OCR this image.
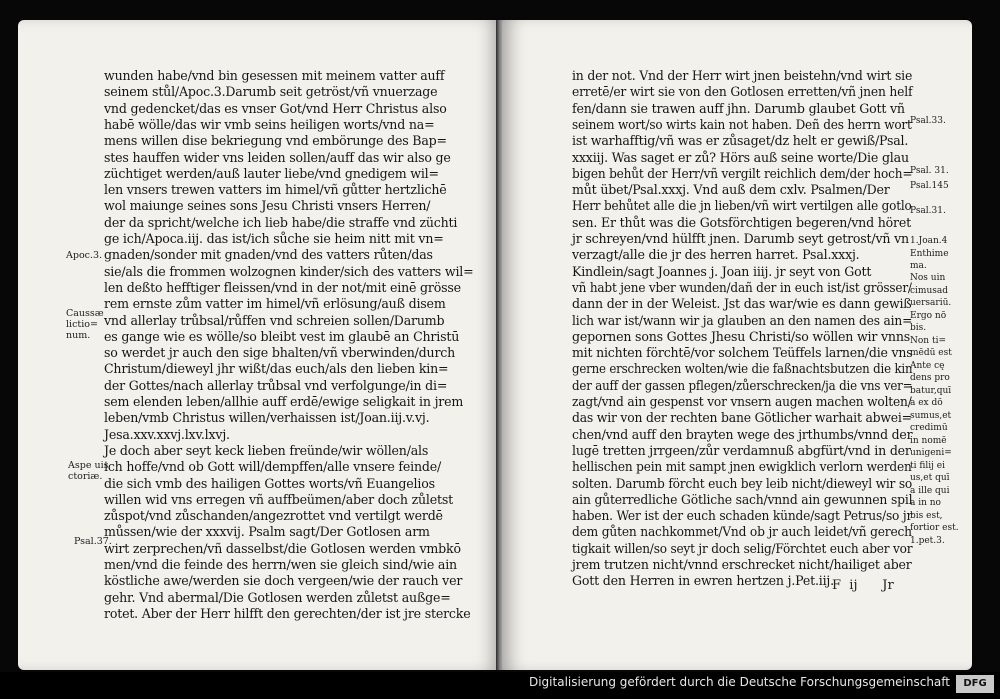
wunden habe/vnd bin gesessen mit meinem vatter auff
seinem stůl/Apoc.3.Darumb seit getröst/vñ vnuerzage
vnd gedencket/das es vnser Got/vnd Herr Christus also
habē wölle/das wir vmb seins heiligen worts/vnd na=
mens willen dise bekriegung vnd embörunge des Bap=
stes hauffen wider vns leiden sollen/auff das wir also ge
züchtiget werden/auß lauter liebe/vnd gnedigem wil=
len vnsers trewen vatters im himel/vñ gůtter hertzlichē
wol maiunge seines sons Jesu Christi vnsers Herren/
der da spricht/welche ich lieb habe/die straffe vnd züchti
ge ich/Apoca.iij. das ist/ich sůche sie heim nitt mit vn=
gnaden/sonder mit gnaden/vnd des vatters růten/das
sie/als die frommen wolzognen kinder/sich des vatters wil=
len deßto hefftiger fleissen/vnd in der not/mit einē grösse
rem ernste zům vatter im himel/vñ erlösung/auß disem
vnd allerlay trůbsal/růffen vnd schreien sollen/Darumb
es gange wie es wölle/so bleibt vest im glaubē an Christū
so werdet jr auch den sige bhalten/vñ vberwinden/durch
Christum/dieweyl jhr wißt/das euch/als den lieben kin=
der Gottes/nach allerlay trůbsal vnd verfolgunge/in di=
sem elenden leben/allhie auff erdē/ewige seligkait in jrem
leben/vmb Christus willen/verhaissen ist/Joan.iij.v.vj.
Jesa.xxv.xxvj.lxv.lxvj.
Je doch aber seyt keck lieben freünde/wir wöllen/als
ich hoffe/vnd ob Gott will/dempffen/alle vnsere feinde/
die sich vmb des hailigen Gottes worts/vñ Euangelios
willen wid vns erregen vñ auffbeümen/aber doch zůletst
zůspot/vnd zůschanden/angezrottet vnd vertilgt werdē
můssen/wie der xxxvij. Psalm sagt/Der Gotlosen arm
wirt zerprechen/vñ dasselbst/die Gotlosen werden vmbkō
men/vnd die feinde des herrn/wen sie gleich sind/wie ain
köstliche awe/werden sie doch vergeen/wie der rauch ver
gehr. Vnd abermal/Die Gotlosen werden zůletst außge=
rotet. Aber der Herr hilfft den gerechten/der ist jre stercke
Apoc.3.
Caussæ
lictio=
num.
Aspe uis
ctoriæ.
Psal.37.
in der not. Vnd der Herr wirt jnen beistehn/vnd wirt sie
erretē/er wirt sie von den Gotlosen erretten/vñ jnen helf
fen/dann sie trawen auff jhn. Darumb glaubet Gott vñ
seinem wort/so wirts kain not haben. Deñ des herrn wort
ist warhafftig/vñ was er zůsaget/dz helt er gewiß/Psal.
xxxiij. Was saget er zů? Hörs auß seine worte/Die glau
bigen behůt der Herr/vñ vergilt reichlich dem/der hoch=
můt übet/Psal.xxxj. Vnd auß dem cxlv. Psalmen/Der
Herr behůtet alle die jn lieben/vñ wirt vertilgen alle gotlo
sen. Er thůt was die Gotsförchtigen begeren/vnd höret
jr schreyen/vnd hülfft jnen. Darumb seyt getrost/vñ vn
verzagt/alle die jr des herren harret. Psal.xxxj.
Kindlein/sagt Joannes j. Joan iiij. jr seyt von Gott
vñ habt jene vber wunden/dañ der in euch ist/ist grösser/
dann der in der Weleist. Jst das war/wie es dann gewiß
lich war ist/wann wir ja glauben an den namen des ain=
gepornen sons Gottes Jhesu Christi/so wöllen wir vnns
mit nichten förchtē/vor solchem Teüffels larnen/die vns
gerne erschrecken wolten/wie die faßnachtsbutzen die kin
der auff der gassen pflegen/zůerschrecken/ja die vns ver=
zagt/vnd ain gespenst vor vnsern augen machen wolten/
das wir von der rechten bane Götlicher warhait abwei=
chen/vnd auff den brayten wege des jrthumbs/vnnd der
lugē tretten jrrgeen/zůr verdamnuß abgfürt/vnd in der
hellischen pein mit sampt jnen ewigklich verlorn werden
solten. Darumb förcht euch bey leib nicht/dieweyl wir so
ain gůterredliche Götliche sach/vnnd ain gewunnen spil
haben. Wer ist der euch schaden künde/sagt Petrus/so jr
dem gůten nachkommet/Vnd ob jr auch leidet/vñ gerech
tigkait willen/so seyt jr doch selig/Förchtet euch aber vor
jrem trutzen nicht/vnnd erschrecket nicht/hailiget aber
Gott den Herren in ewren hertzen j.Pet.iij.
F  ij      Jr
Psal.33.
Psal. 31.
Psal.145
Psal.31.
1.Joan.4
Enthime
ma.
Nos uin
cimusad
uersariū.
Ergo nō
bis.
Non ti=
mēdū est
Ante cę
dens pro
batur,quī
a ex dō
sumus,et
credimū
in nomē
unigeni=
ti filij ei
us,et quī
a ille qui
a in no
bis est,
fortior est.
1.pet.3.
Digitalisierung gefördert durch die Deutsche Forschungsgemeinschaft	DFG
